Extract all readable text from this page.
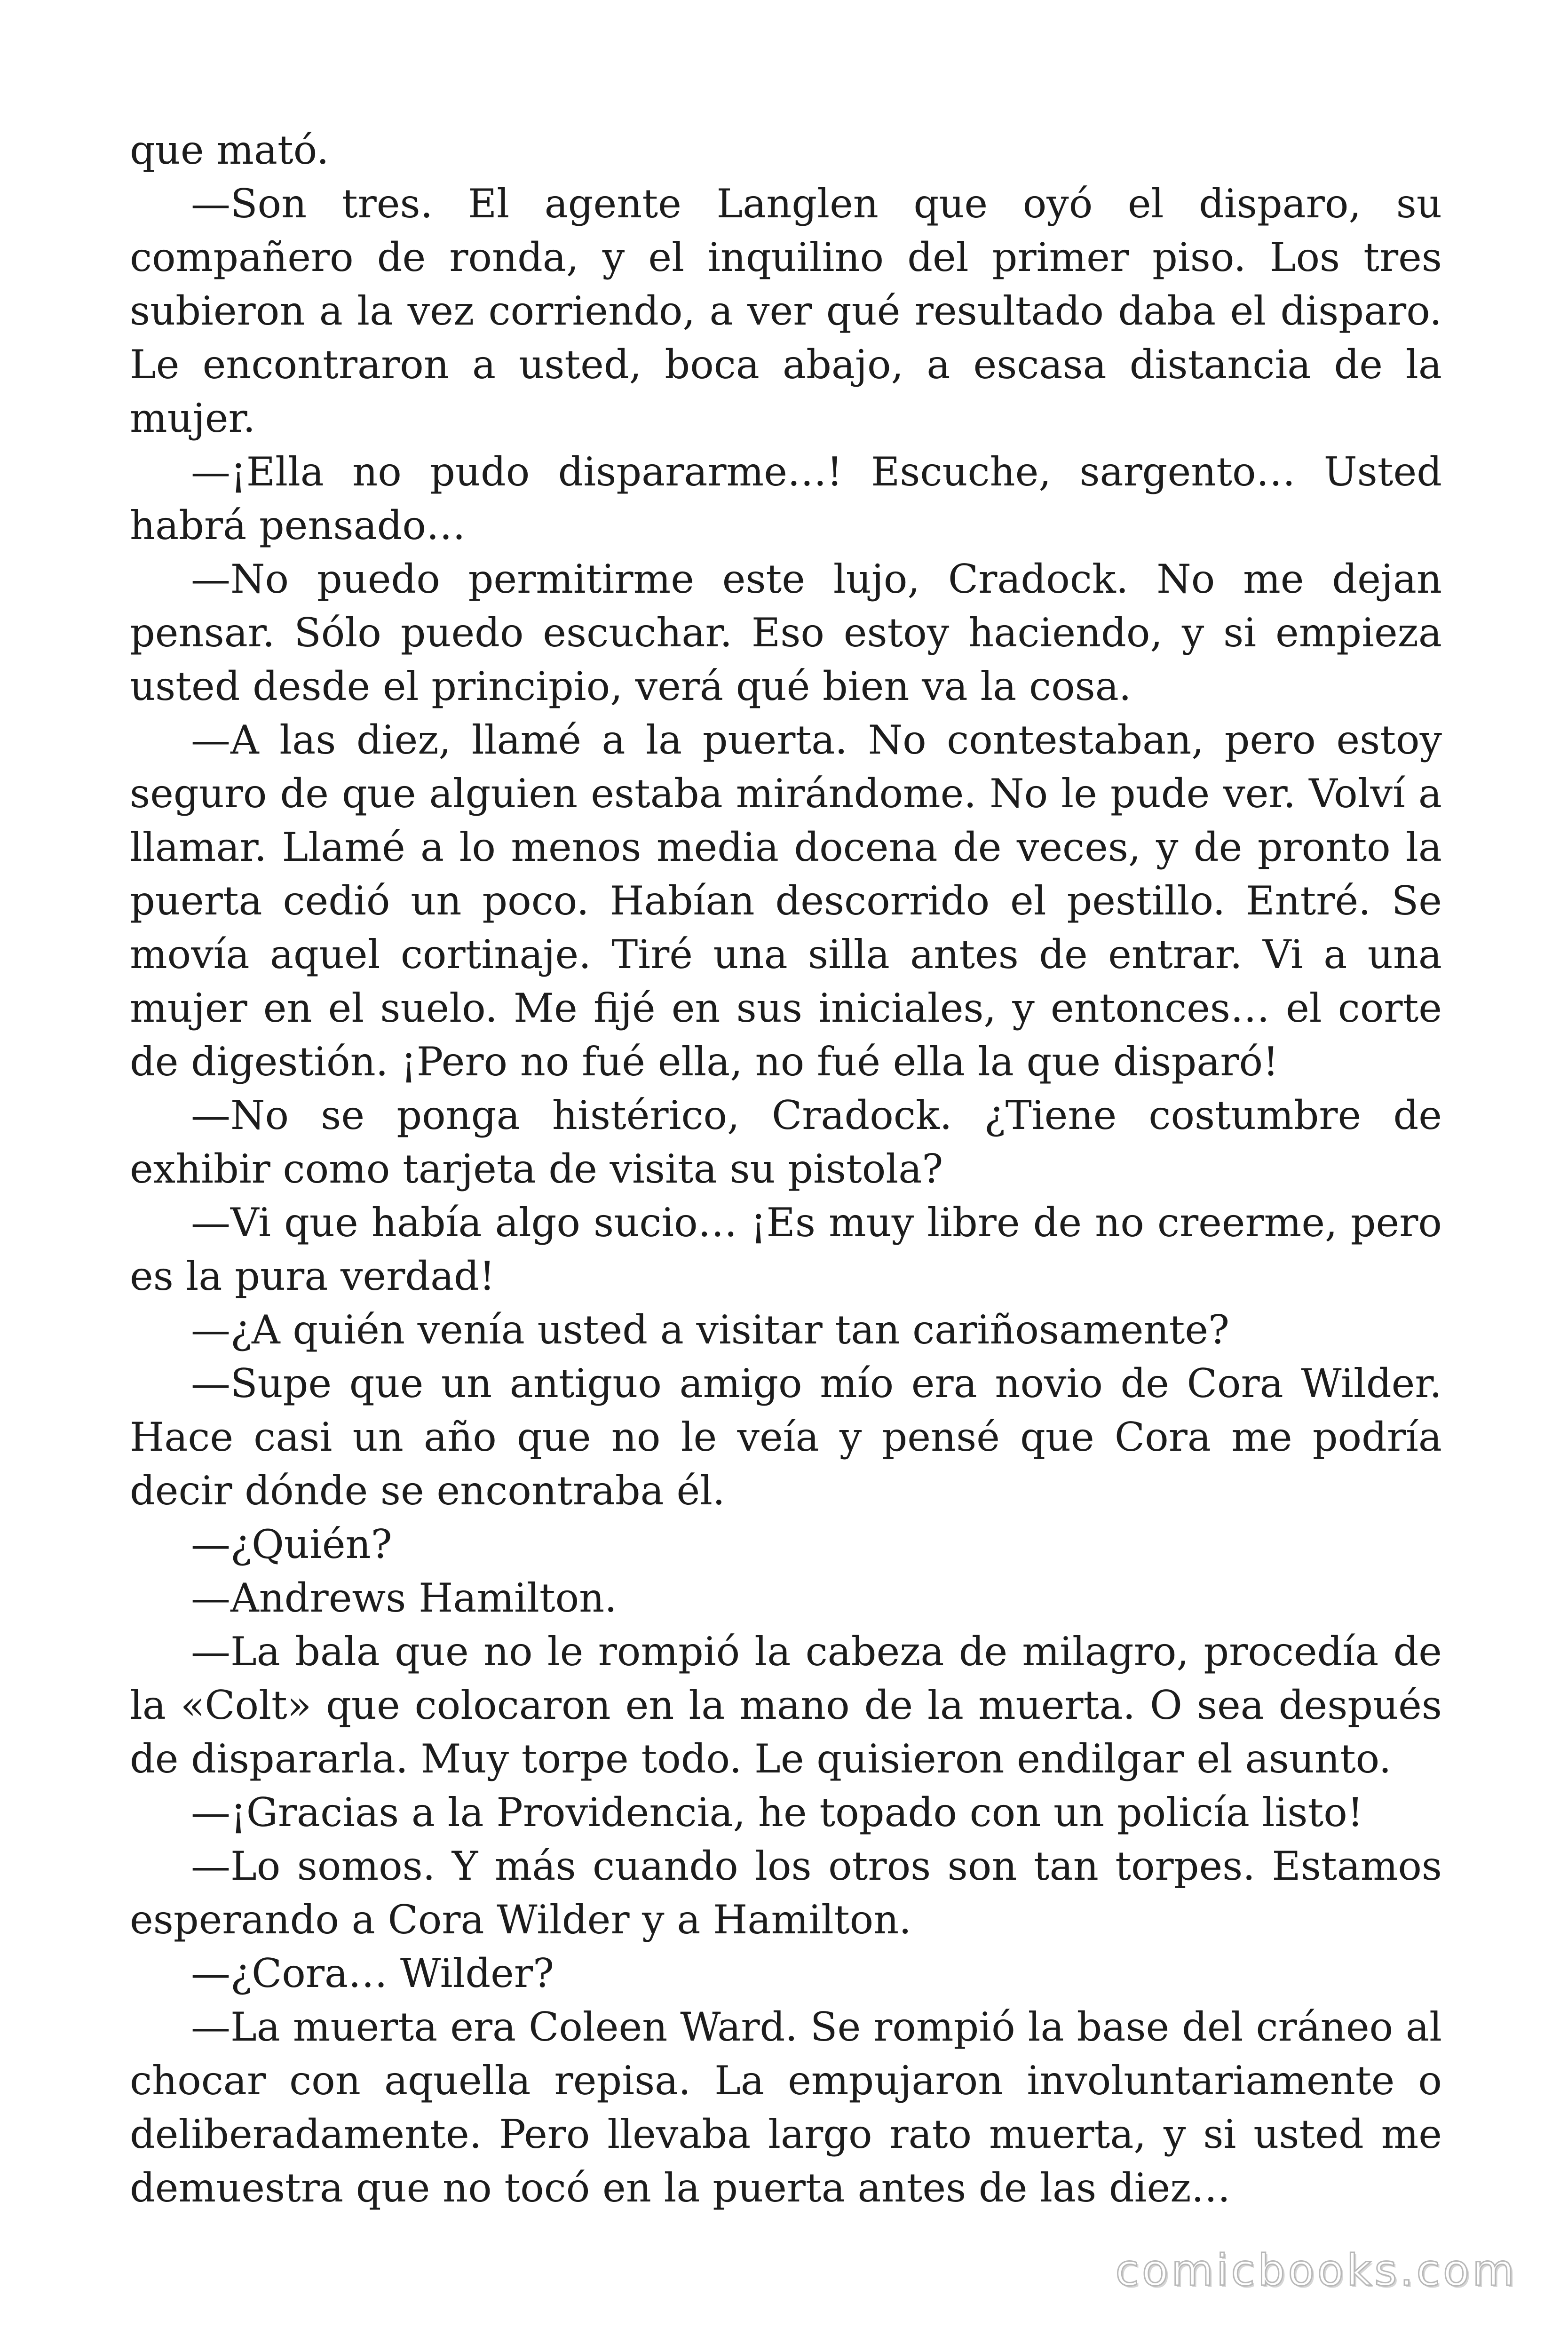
que mató.

—Son tres. El agente Langlen que oyó el disparo, su compañero de ronda, y el inquilino del primer piso. Los tres subieron a la vez corriendo, a ver qué resultado daba el disparo. Le encontraron a usted, boca abajo, a escasa distancia de la mujer.

—¡Ella no pudo dispararme…! Escuche, sargento… Usted habrá pensado…

—No puedo permitirme este lujo, Cradock. No me dejan pensar. Sólo puedo escuchar. Eso estoy haciendo, y si empieza usted desde el principio, verá qué bien va la cosa.

—A las diez, llamé a la puerta. No contestaban, pero estoy seguro de que alguien estaba mirándome. No le pude ver. Volví a llamar. Llamé a lo menos media docena de veces, y de pronto la puerta cedió un poco. Habían descorrido el pestillo. Entré. Se movía aquel cortinaje. Tiré una silla antes de entrar. Vi a una mujer en el suelo. Me fijé en sus iniciales, y entonces… el corte de digestión. ¡Pero no fué ella, no fué ella la que disparó!

—No se ponga histérico, Cradock. ¿Tiene costumbre de exhibir como tarjeta de visita su pistola?

—Vi que había algo sucio… ¡Es muy libre de no creerme, pero es la pura verdad!

—¿A quién venía usted a visitar tan cariñosamente?

—Supe que un antiguo amigo mío era novio de Cora Wilder. Hace casi un año que no le veía y pensé que Cora me podría decir dónde se encontraba él.

—¿Quién?

—Andrews Hamilton.

—La bala que no le rompió la cabeza de milagro, procedía de la «Colt» que colocaron en la mano de la muerta. O sea después de dispararla. Muy torpe todo. Le quisieron endilgar el asunto.

—¡Gracias a la Providencia, he topado con un policía listo!

—Lo somos. Y más cuando los otros son tan torpes. Estamos esperando a Cora Wilder y a Hamilton.

—¿Cora… Wilder?

—La muerta era Coleen Ward. Se rompió la base del cráneo al chocar con aquella repisa. La empujaron involuntariamente o deliberadamente. Pero llevaba largo rato muerta, y si usted me demuestra que no tocó en la puerta antes de las diez…

comicbooks.com
